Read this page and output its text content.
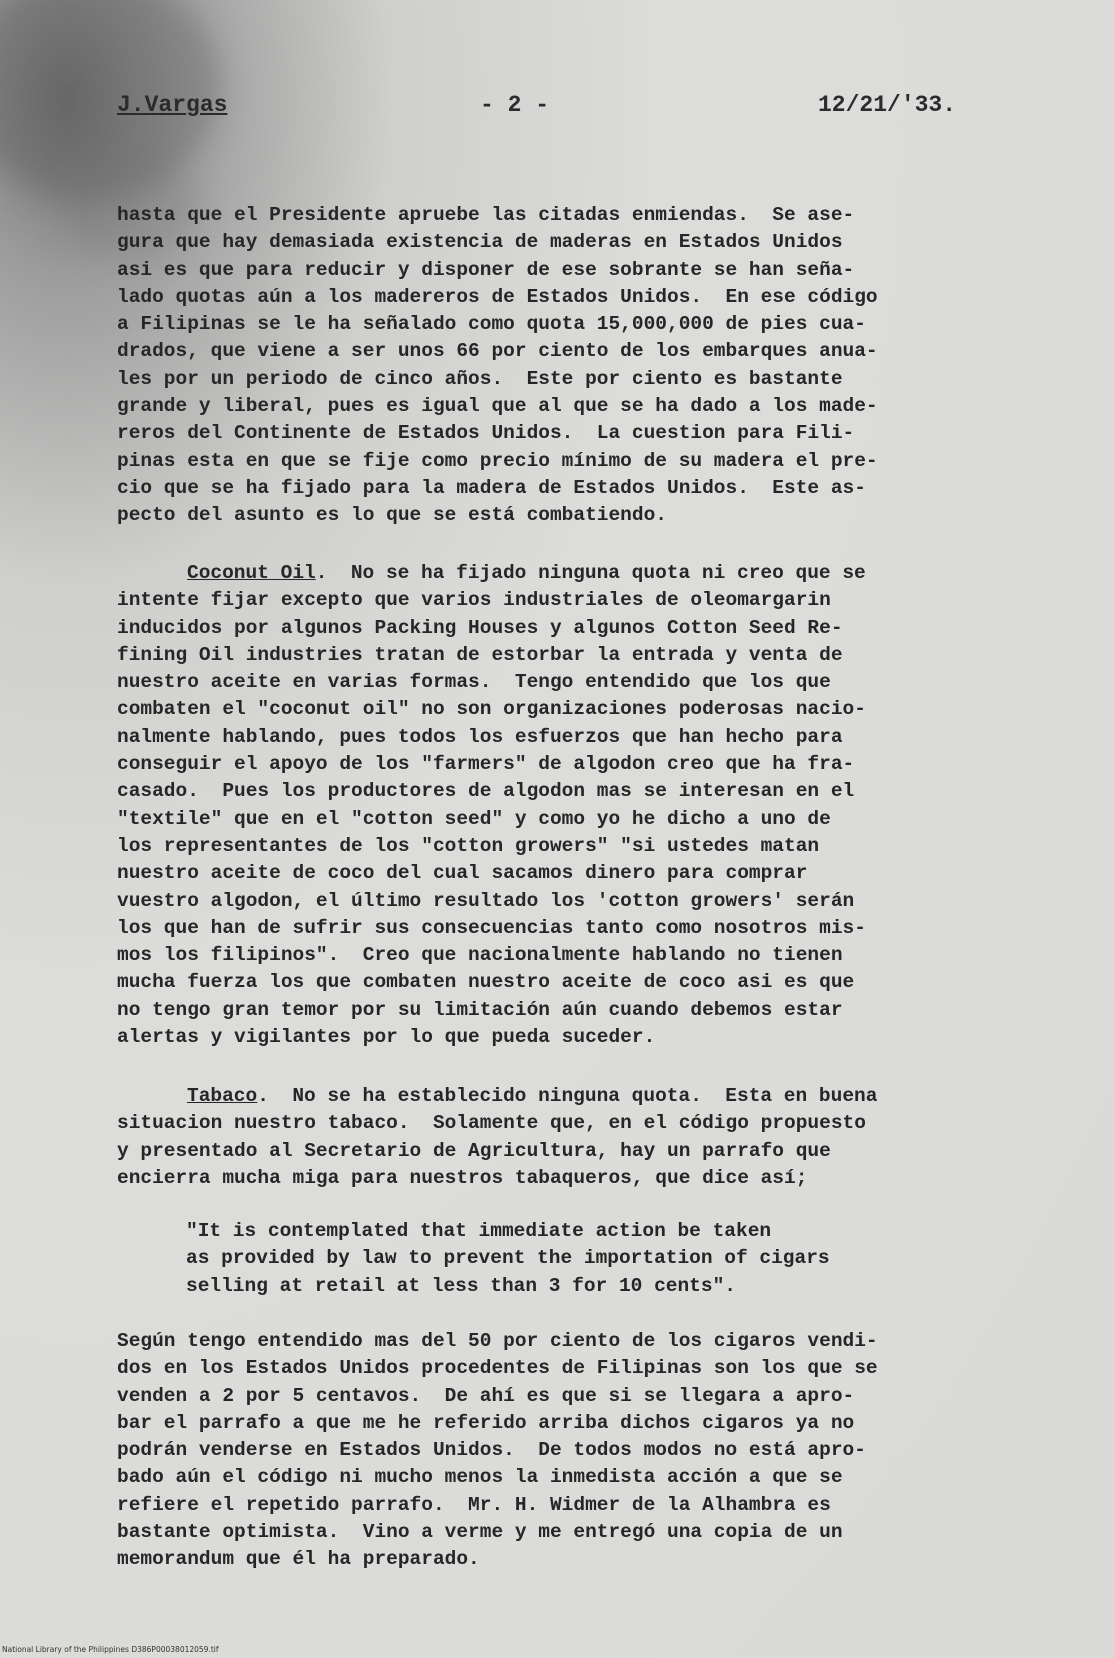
J.Vargas	- 2 -	12/21/'33.

hasta que el Presidente apruebe las citadas enmiendas.  Se ase-
gura que hay demasiada existencia de maderas en Estados Unidos
asi es que para reducir y disponer de ese sobrante se han seña-
lado quotas aún a los madereros de Estados Unidos.  En ese código
a Filipinas se le ha señalado como quota 15,000,000 de pies cua-
drados, que viene a ser unos 66 por ciento de los embarques anua-
les por un periodo de cinco años.  Este por ciento es bastante
grande y liberal, pues es igual que al que se ha dado a los made-
reros del Continente de Estados Unidos.  La cuestion para Fili-
pinas esta en que se fije como precio mínimo de su madera el pre-
cio que se ha fijado para la madera de Estados Unidos.  Este as-
pecto del asunto es lo que se está combatiendo.

Coconut Oil.  No se ha fijado ninguna quota ni creo que se
intente fijar excepto que varios industriales de oleomargarin
inducidos por algunos Packing Houses y algunos Cotton Seed Re-
fining Oil industries tratan de estorbar la entrada y venta de
nuestro aceite en varias formas.  Tengo entendido que los que
combaten el "coconut oil" no son organizaciones poderosas nacio-
nalmente hablando, pues todos los esfuerzos que han hecho para
conseguir el apoyo de los "farmers" de algodon creo que ha fra-
casado.  Pues los productores de algodon mas se interesan en el
"textile" que en el "cotton seed" y como yo he dicho a uno de
los representantes de los "cotton growers" "si ustedes matan
nuestro aceite de coco del cual sacamos dinero para comprar
vuestro algodon, el último resultado los 'cotton growers' serán
los que han de sufrir sus consecuencias tanto como nosotros mis-
mos los filipinos".  Creo que nacionalmente hablando no tienen
mucha fuerza los que combaten nuestro aceite de coco asi es que
no tengo gran temor por su limitación aún cuando debemos estar
alertas y vigilantes por lo que pueda suceder.

Tabaco.  No se ha establecido ninguna quota.  Esta en buena
situacion nuestro tabaco.  Solamente que, en el código propuesto
y presentado al Secretario de Agricultura, hay un parrafo que
encierra mucha miga para nuestros tabaqueros, que dice así;

"It is contemplated that immediate action be taken
as provided by law to prevent the importation of cigars
selling at retail at less than 3 for 10 cents".

Según tengo entendido mas del 50 por ciento de los cigaros vendi-
dos en los Estados Unidos procedentes de Filipinas son los que se
venden a 2 por 5 centavos.  De ahí es que si se llegara a apro-
bar el parrafo a que me he referido arriba dichos cigaros ya no
podrán venderse en Estados Unidos.  De todos modos no está apro-
bado aún el código ni mucho menos la inmedista acción a que se
refiere el repetido parrafo.  Mr. H. Widmer de la Alhambra es
bastante optimista.  Vino a verme y me entregó una copia de un
memorandum que él ha preparado.

National Library of the Philippines D386P00038012059.tif
